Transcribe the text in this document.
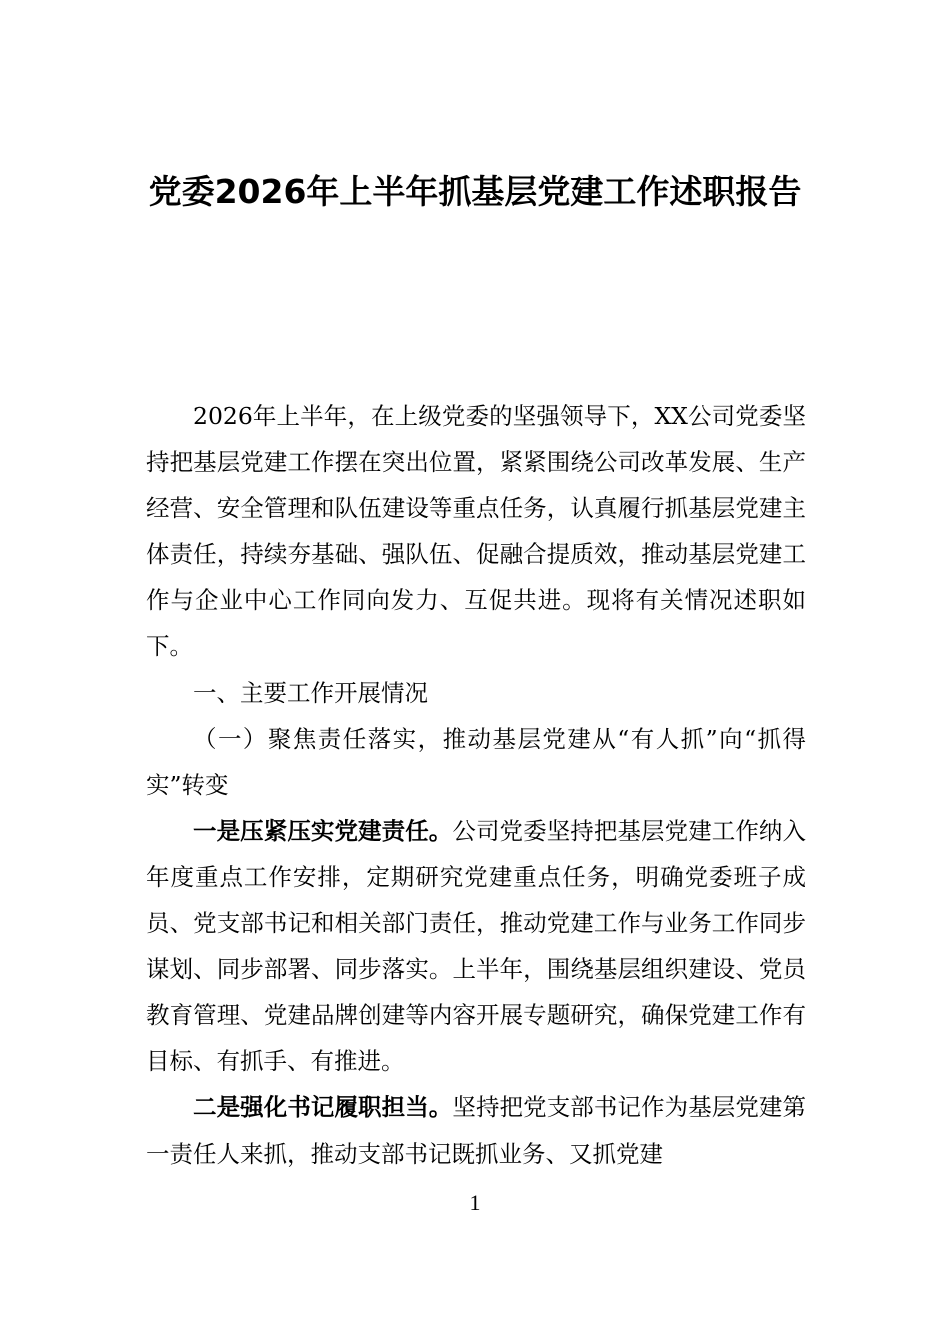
党委2026年上半年抓基层党建工作述职报告

2026年上半年，在上级党委的坚强领导下，XX公司党委坚持把基层党建工作摆在突出位置，紧紧围绕公司改革发展、生产经营、安全管理和队伍建设等重点任务，认真履行抓基层党建主体责任，持续夯基础、强队伍、促融合提质效，推动基层党建工作与企业中心工作同向发力、互促共进。现将有关情况述职如下。

一、主要工作开展情况

（一）聚焦责任落实，推动基层党建从“有人抓”向“抓得实”转变

一是压紧压实党建责任。公司党委坚持把基层党建工作纳入年度重点工作安排，定期研究党建重点任务，明确党委班子成员、党支部书记和相关部门责任，推动党建工作与业务工作同步谋划、同步部署、同步落实。上半年，围绕基层组织建设、党员教育管理、党建品牌创建等内容开展专题研究，确保党建工作有目标、有抓手、有推进。

二是强化书记履职担当。坚持把党支部书记作为基层党建第一责任人来抓，推动支部书记既抓业务、又抓党建

1
